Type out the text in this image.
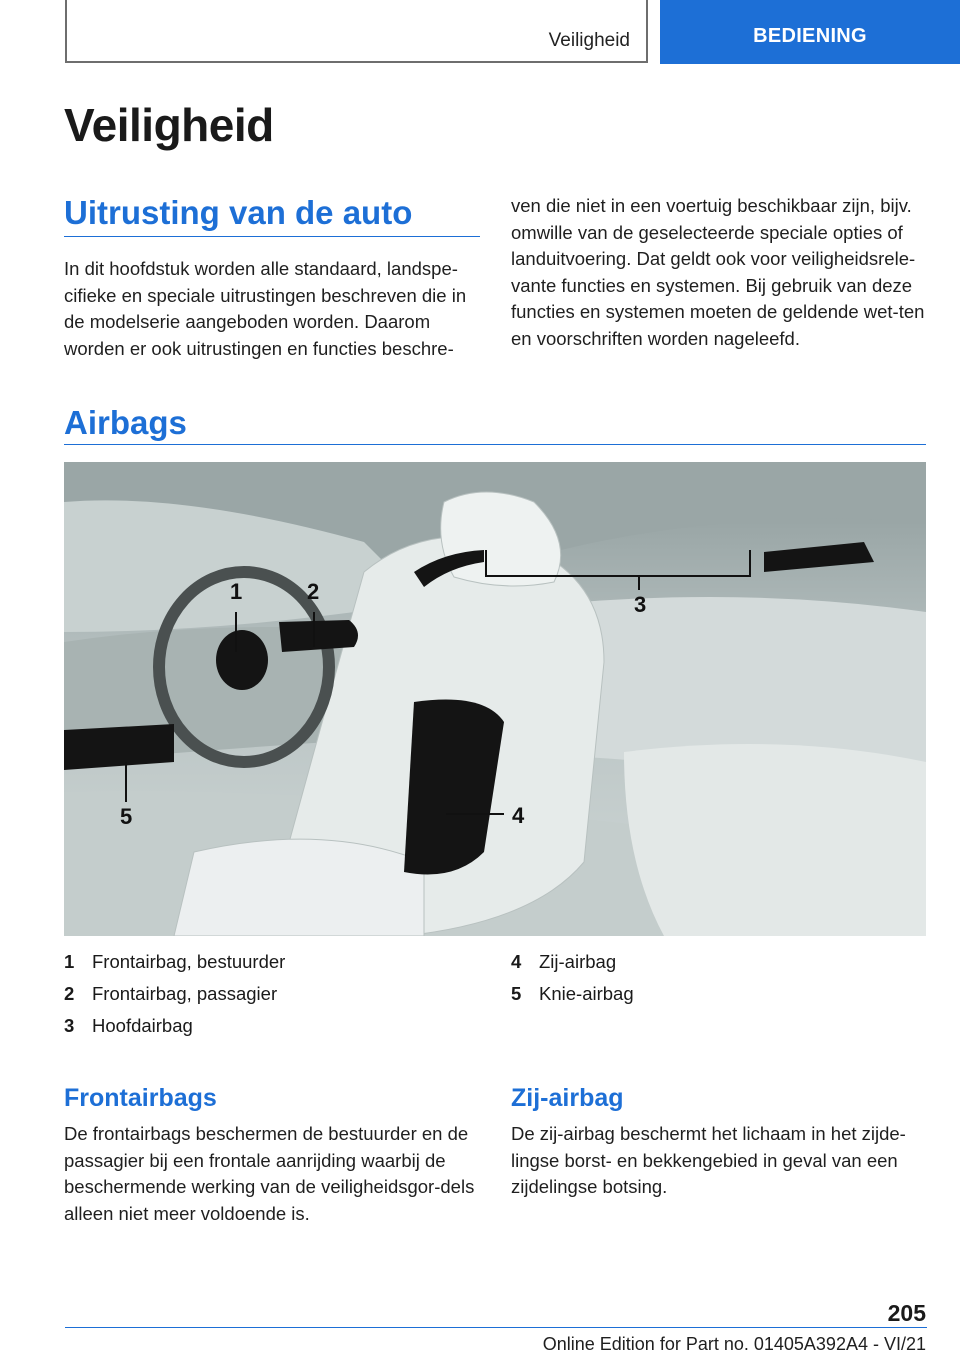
Veiligheid	BEDIENING
Veiligheid
Uitrusting van de auto
In dit hoofdstuk worden alle standaard, landspe-cifieke en speciale uitrustingen beschreven die in de modelserie aangeboden worden. Daarom worden er ook uitrustingen en functies beschre-
ven die niet in een voertuig beschikbaar zijn, bijv. omwille van de geselecteerde speciale opties of landuitvoering. Dat geldt ook voor veiligheidsrele-vante functies en systemen. Bij gebruik van deze functies en systemen moeten de geldende wet-ten en voorschriften worden nageleefd.
Airbags
1	2
3
4
5
1 Frontairbag, bestuurder
2 Frontairbag, passagier
3 Hoofdairbag
4 Zij-airbag
5 Knie-airbag
Frontairbags
De frontairbags beschermen de bestuurder en de passagier bij een frontale aanrijding waarbij de beschermende werking van de veiligheidsgor-dels alleen niet meer voldoende is.
Zij-airbag
De zij-airbag beschermt het lichaam in het zijde-lingse borst- en bekkengebied in geval van een zijdelingse botsing.
205
Online Edition for Part no. 01405A392A4 - VI/21
